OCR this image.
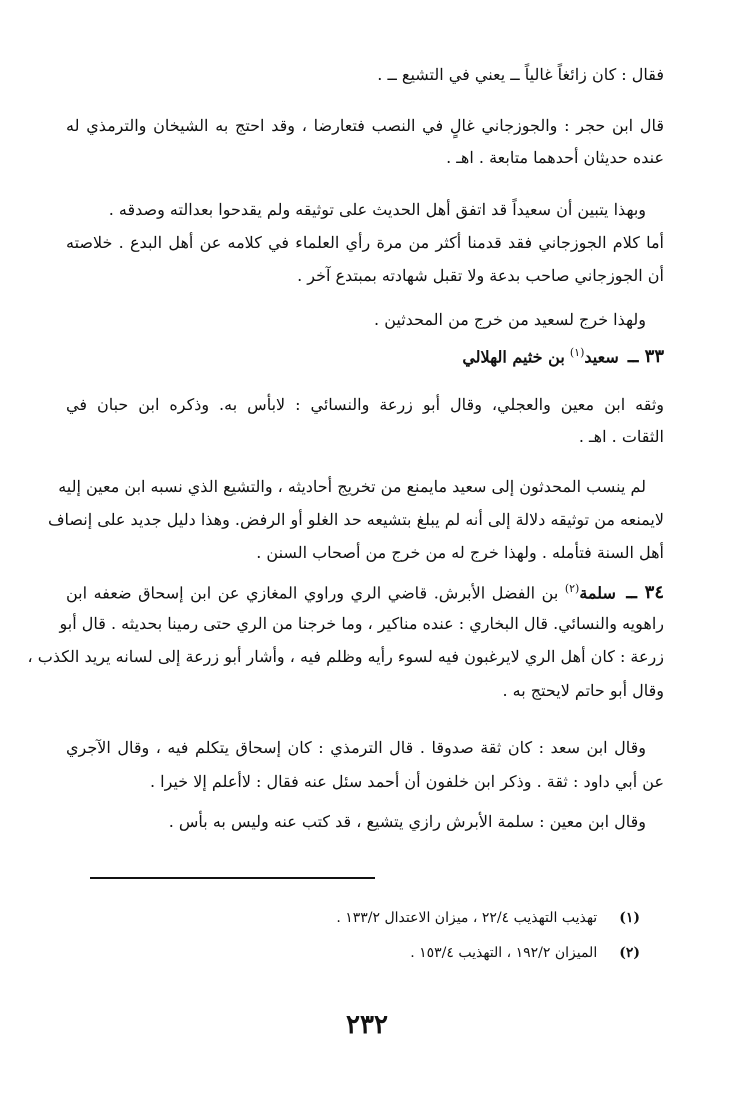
فقال : كان زائغاً غالياً ــ يعني في التشيع ــ .
قال ابن حجر : والجوزجاني غالٍ في النصب فتعارضا ، وقد احتج به الشيخان والترمذي له
عنده حديثان أحدهما متابعة . اهـ .
وبهذا يتبين أن سعيداً قد اتفق أهل الحديث على توثيقه ولم يقدحوا بعدالته وصدقه .
أما كلام الجوزجاني فقد قدمنا أكثر من مرة رأي العلماء في كلامه عن أهل البدع . خلاصته
أن الجوزجاني صاحب بدعة ولا تقبل شهادته بمبتدع آخر .
ولهذا خرج لسعيد من خرج من المحدثين .
٣٣ ــ سعيد$^{(١)}$ بن خثيم الهلالي
وثقه ابن معين والعجلي، وقال أبو زرعة والنسائي : لابأس به. وذكره ابن حبان في
الثقات . اهـ .
لم ينسب المحدثون إلى سعيد مايمنع من تخريج أحاديثه ، والتشيع الذي نسبه ابن معين إليه
لايمنعه من توثيقه دلالة إلى أنه لم يبلغ بتشيعه حد الغلو أو الرفض. وهذا دليل جديد على إنصاف
أهل السنة فتأمله . ولهذا خرج له من خرج من أصحاب السنن .
٣٤ ــ سلمة$^{(٢)}$ بن الفضل الأبرش. قاضي الري وراوي المغازي عن ابن إسحاق ضعفه ابن
راهويه والنسائي. قال البخاري : عنده مناكير ، وما خرجنا من الري حتى رمينا بحديثه . قال أبو
زرعة : كان أهل الري لايرغبون فيه لسوء رأيه وظلم فيه ، وأشار أبو زرعة إلى لسانه يريد الكذب ،
وقال أبو حاتم لايحتج به .
وقال ابن سعد : كان ثقة صدوقا . قال الترمذي : كان إسحاق يتكلم فيه ، وقال الآجري
عن أبي داود : ثقة . وذكر ابن خلفون أن أحمد سئل عنه فقال : لاأعلم إلا خيرا .
وقال ابن معين : سلمة الأبرش رازي يتشيع ، قد كتب عنه وليس به بأس .
(١)تهذيب التهذيب ٢٢/٤ ، ميزان الاعتدال ١٣٣/٢ .
(٢)الميزان ١٩٢/٢ ، التهذيب ١٥٣/٤ .
٢٣٢
